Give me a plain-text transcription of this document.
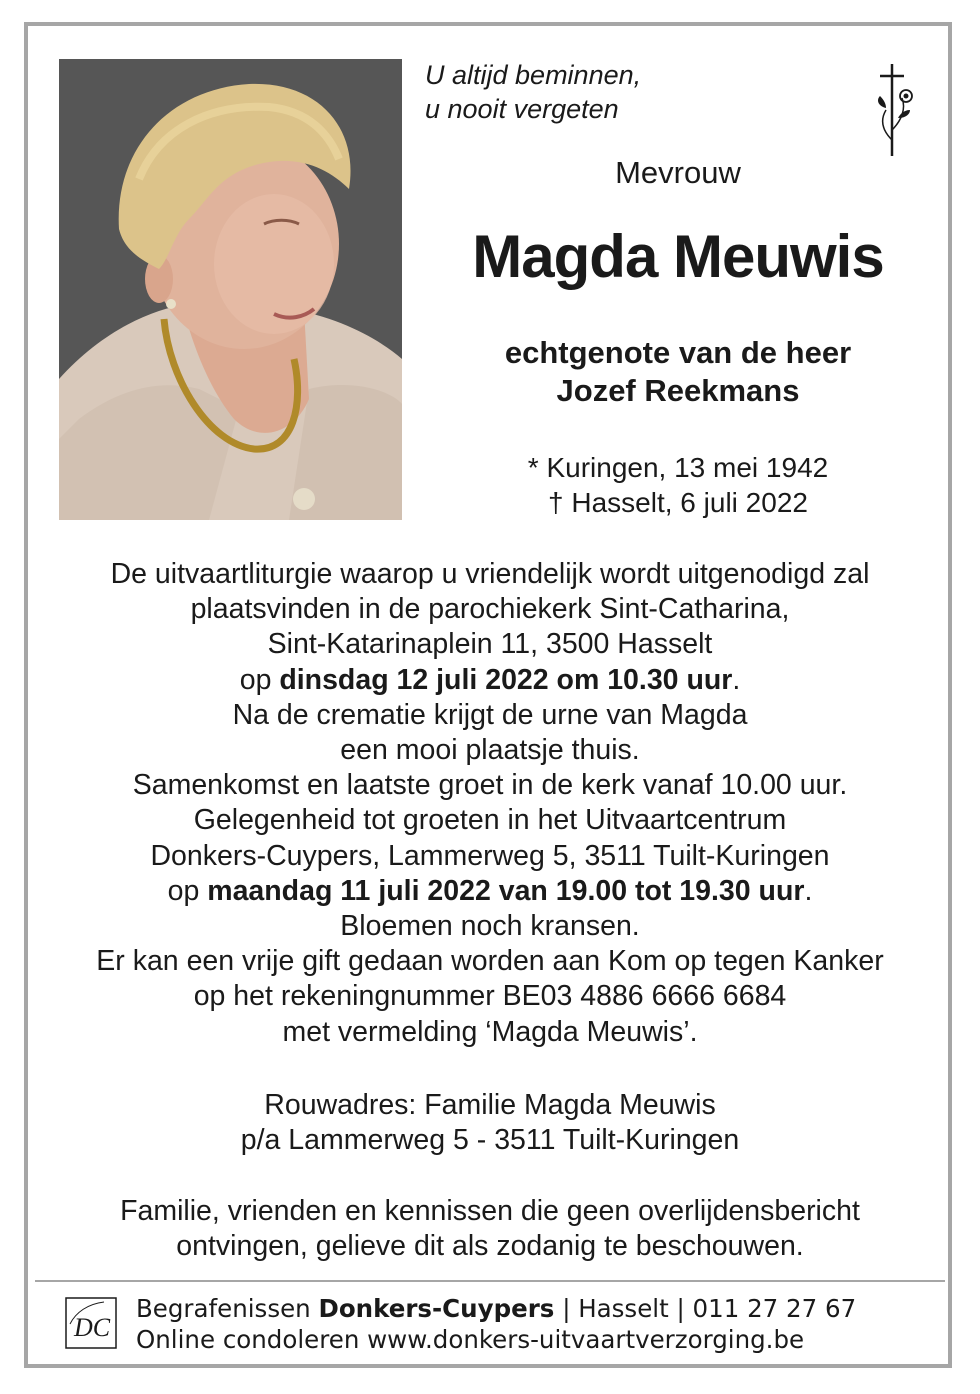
U altijd beminnen,
u nooit vergeten
Mevrouw
Magda Meuwis
echtgenote van de heer
Jozef Reekmans
* Kuringen, 13 mei 1942
† Hasselt, 6 juli 2022
De uitvaartliturgie waarop u vriendelijk wordt uitgenodigd zal
plaatsvinden in de parochiekerk Sint-Catharina,
Sint-Katarinaplein 11, 3500 Hasselt
op dinsdag 12 juli 2022 om 10.30 uur.
Na de crematie krijgt de urne van Magda
een mooi plaatsje thuis.
Samenkomst en laatste groet in de kerk vanaf 10.00 uur.
Gelegenheid tot groeten in het Uitvaartcentrum
Donkers-Cuypers, Lammerweg 5, 3511 Tuilt-Kuringen
op maandag 11 juli 2022 van 19.00 tot 19.30 uur.
Bloemen noch kransen.
Er kan een vrije gift gedaan worden aan Kom op tegen Kanker
op het rekeningnummer BE03 4886 6666 6684
met vermelding ‘Magda Meuwis’.
Rouwadres: Familie Magda Meuwis
p/a Lammerweg 5 - 3511 Tuilt-Kuringen
Familie, vrienden en kennissen die geen overlijdensbericht
ontvingen, gelieve dit als zodanig te beschouwen.
DC
Begrafenissen Donkers-Cuypers | Hasselt | 011 27 27 67
Online condoleren www.donkers-uitvaartverzorging.be
